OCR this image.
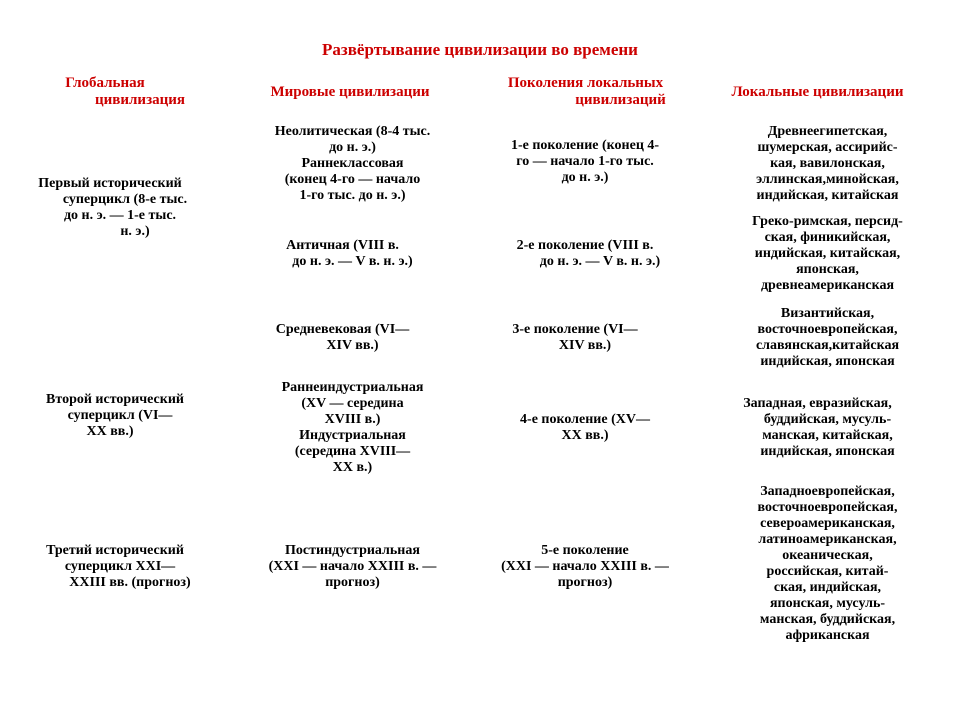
Развёртывание цивилизации во времени
Глобальная
цивилизация	Мировые цивилизации
Поколения локальных
цивилизаций	Локальные цивилизации
Первый исторический
суперцикл (8-е тыс.
до н. э. — 1-е тыс.
н. э.)
Второй исторический
суперцикл (VI—
XX вв.)
Третий исторический
суперцикл XXI—
XXIII вв. (прогноз)
Неолитическая (8-4 тыс.
до н. э.)
Раннеклассовая
(конец 4-го — начало
1-го тыс. до н. э.)
Античная (VIII в.
до н. э. — V в. н. э.)
Средневековая (VI—
XIV вв.)
Раннеиндустриальная
(XV — середина
XVIII в.)
Индустриальная
(середина XVIII—
XX в.)
Постиндустриальная
(XXI — начало XXIII в. —
прогноз)
1-е поколение (конец 4-
го — начало 1-го тыс.
до н. э.)
2-е поколение (VIII в.
до н. э. — V в. н. э.)
3-е поколение (VI—
XIV вв.)
4-е поколение (XV—
XX вв.)
5-е поколение
(XXI — начало XXIII в. —
прогноз)
Древнеегипетская,
шумерская, ассирийс-
кая, вавилонская,
эллинская,минойская,
индийская, китайская
Греко-римская, персид-
ская, финикийская,
индийская, китайская,
японская,
древнеамериканская
Византийская,
восточноевропейская,
славянская,китайская
индийская, японская
Западная, евразийская,
буддийская, мусуль-
манская, китайская,
индийская, японская
Западноевропейская,
восточноевропейская,
североамериканская,
латиноамериканская,
океаническая,
российская, китай-
ская, индийская,
японская, мусуль-
манская, буддийская,
африканская
